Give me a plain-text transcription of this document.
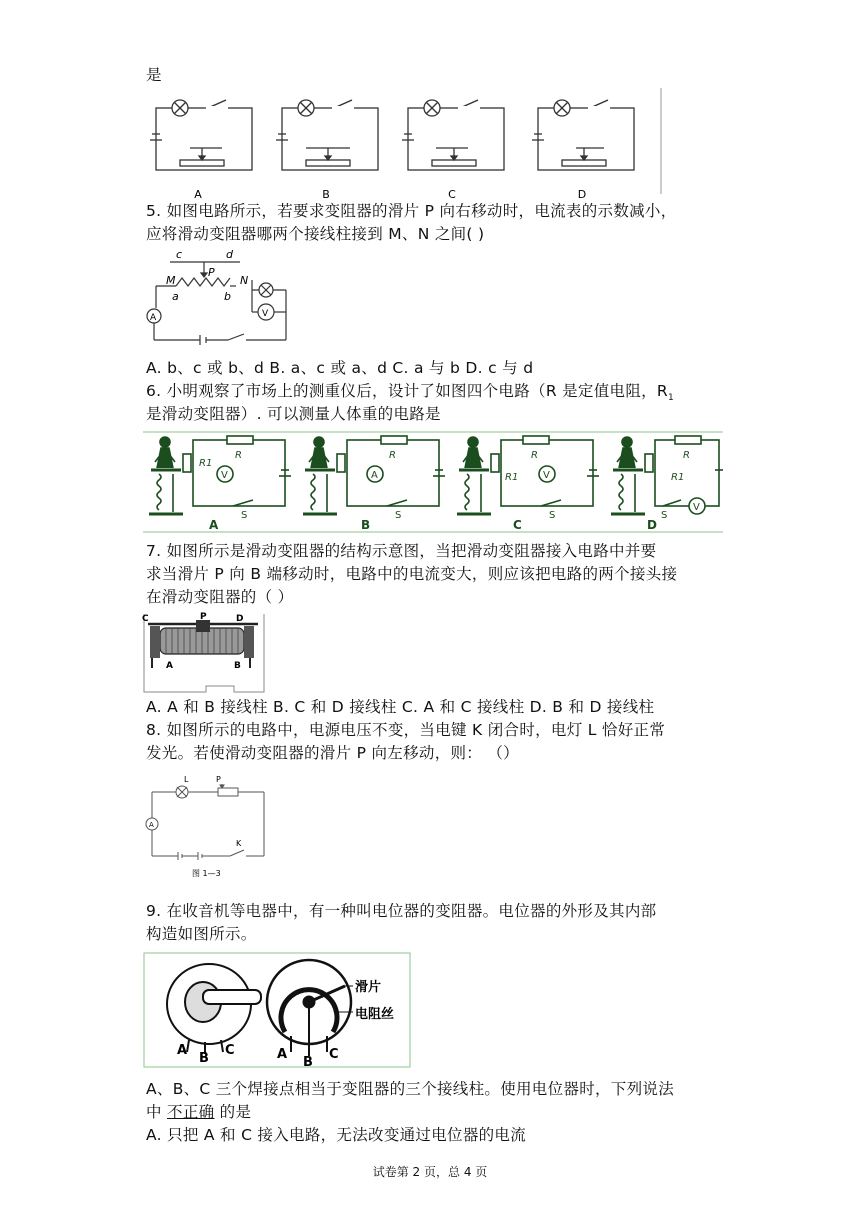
是
A	B	C	D
5. 如图电路所示，若要求变阻器的滑片 P 向右移动时，电流表的示数减小，
应将滑动变阻器哪两个接线柱接到 M、N 之间( )
c	d
P
M	N
a	b
A	V
A. b、c 或 b、d B. a、c 或 a、d C. a 与 b D. c 与 d
6. 小明观察了市场上的测重仪后，设计了如图四个电路（R 是定值电阻，$R_1$
是滑动变阻器）. 可以测量人体重的电路是
R
R1
V
S
A
R
A
S
B
R
R1 V
S
C
R
R1
V
S
D
7. 如图所示是滑动变阻器的结构示意图，当把滑动变阻器接入电路中并要
求当滑片 P 向 B 端移动时，电路中的电流变大，则应该把电路的两个接头接
在滑动变阻器的（ ）
C	P	D
A	B
A. A 和 B 接线柱 B. C 和 D 接线柱 C. A 和 C 接线柱 D. B 和 D 接线柱
8. 如图所示的电路中，电源电压不变，当电键 K 闭合时，电灯 L 恰好正常
发光。若使滑动变阻器的滑片 P 向左移动，则： （）
L	P
A
K
图 1—3
9. 在收音机等电器中，有一种叫电位器的变阻器。电位器的外形及其内部
构造如图所示。
滑片
电阻丝
A
B
C	A
B
C
A、B、C 三个焊接点相当于变阻器的三个接线柱。使用电位器时，下列说法
中 不正确 的是
A. 只把 A 和 C 接入电路，无法改变通过电位器的电流
试卷第 2 页，总 4 页
